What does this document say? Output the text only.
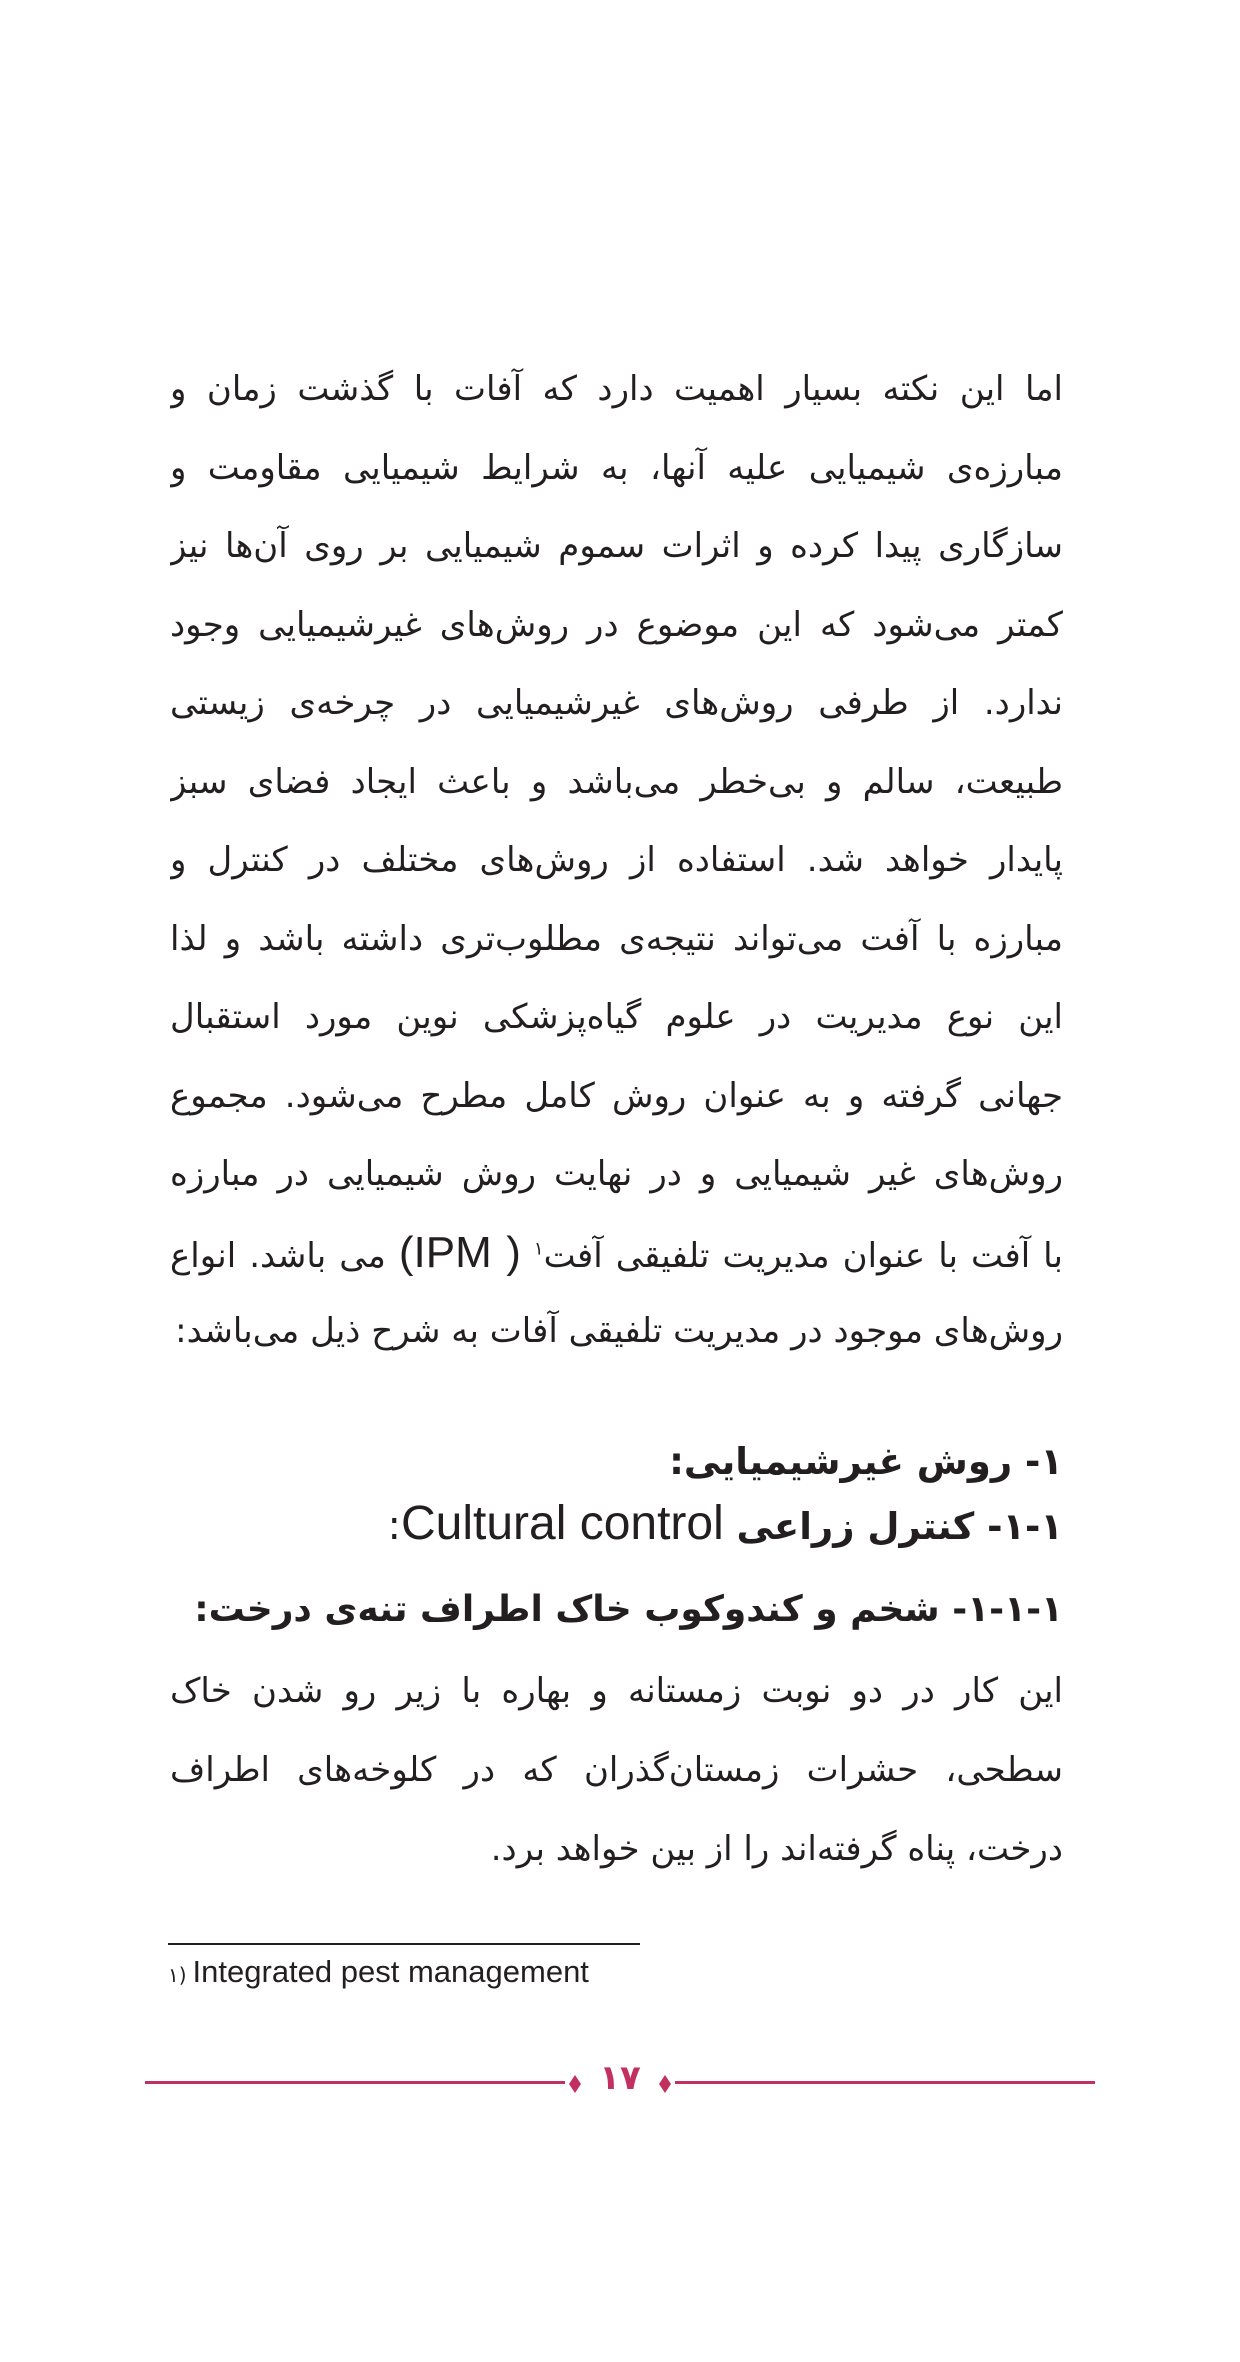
اما این نکته بسیار اهمیت دارد که آفات با گذشت زمان و
مبارزه‌ی شیمیایی علیه آنها، به شرایط شیمیایی مقاومت و
سازگاری پیدا کرده و اثرات سموم شیمیایی بر روی آن‌ها نیز
کمتر می‌شود که این موضوع در روش‌های غیرشیمیایی وجود
ندارد. از طرفی روش‌های غیرشیمیایی در چرخه‌ی زیستی
طبیعت، سالم و بی‌خطر می‌باشد و باعث ایجاد فضای سبز
پایدار خواهد شد. استفاده از روش‌های مختلف در کنترل و
مبارزه با آفت می‌تواند نتیجه‌ی مطلوب‌تری داشته باشد و لذا
این نوع مدیریت در علوم گیاه‌پزشکی نوین مورد استقبال
جهانی گرفته و به عنوان روش کامل مطرح می‌شود. مجموع
روش‌های غیر شیمیایی و در نهایت روش شیمیایی در مبارزه
با آفت با عنوان مدیریت تلفیقی آفت$^۱$ (IPM ) می باشد. انواع
روش‌های موجود در مدیریت تلفیقی آفات به شرح ذیل می‌باشد:
۱- روش غیرشیمیایی:
۱-۱- کنترل زراعی Cultural control:
۱-۱-۱- شخم و کندوکوب خاک اطراف تنه‌ی درخت:
این کار در دو نوبت زمستانه و بهاره با زیر رو شدن خاک
سطحی، حشرات زمستان‌گذران که در کلوخه‌های اطراف
درخت، پناه گرفته‌اند را از بین خواهد برد.
۱) Integrated pest management
۱۷
